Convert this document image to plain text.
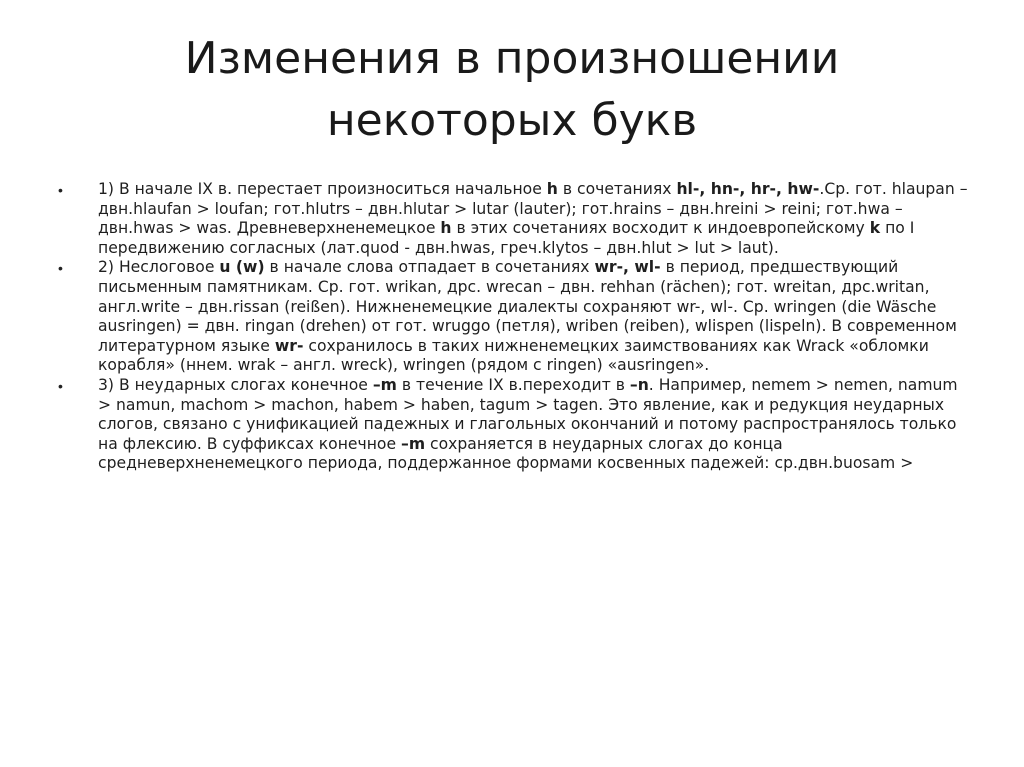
Изменения в произношении
некоторых букв
•	1) В начале IX в. перестает произноситься начальное h в сочетаниях hl-, hn-, hr-, hw-.Ср. гот. hlaupan – двн.hlaufan > loufan; гот.hlutrs – двн.hlutar > lutar (lauter); гот.hrains – двн.hreini > reini; гот.hwa – двн.hwas > was. Древневерхненемецкое h в этих сочетаниях восходит к индоевропейскому k по I передвижению согласных (лат.quod - двн.hwas, греч.klytos – двн.hlut > lut > laut).
•	2) Неслоговое u (w) в начале слова отпадает в сочетаниях wr-, wl- в период, предшествующий письменным памятникам. Ср. гот. wrikan, дрс. wrecan – двн. rehhan (rächen); гот. wreitan, дрс.writan, англ.write – двн.rissan (reißen). Нижненемецкие диалекты сохраняют wr-, wl-. Ср. wringen (die Wäsche ausringen) = двн. ringan (drehen) от гот. wruggo (петля), wriben (reiben), wlispen (lispeln). В современном литературном языке wr- сохранилось в таких нижненемецких заимствованиях как Wrack «обломки корабля» (ннем. wrak – англ. wreck), wringen (рядом с ringen) «ausringen».
•	3) В неударных слогах конечное –m в течение IX в.переходит в –n. Например, nemem > nemen, namum > namun, machom > machon, habem > haben, tagum > tagen. Это явление, как и редукция неударных слогов, связано с унификацией падежных и глагольных окончаний и потому распространялось только на флексию. В суффиксах конечное –m сохраняется в неударных слогах до конца средневерхненемецкого периода, поддержанное формами косвенных падежей: ср.двн.buosam >
